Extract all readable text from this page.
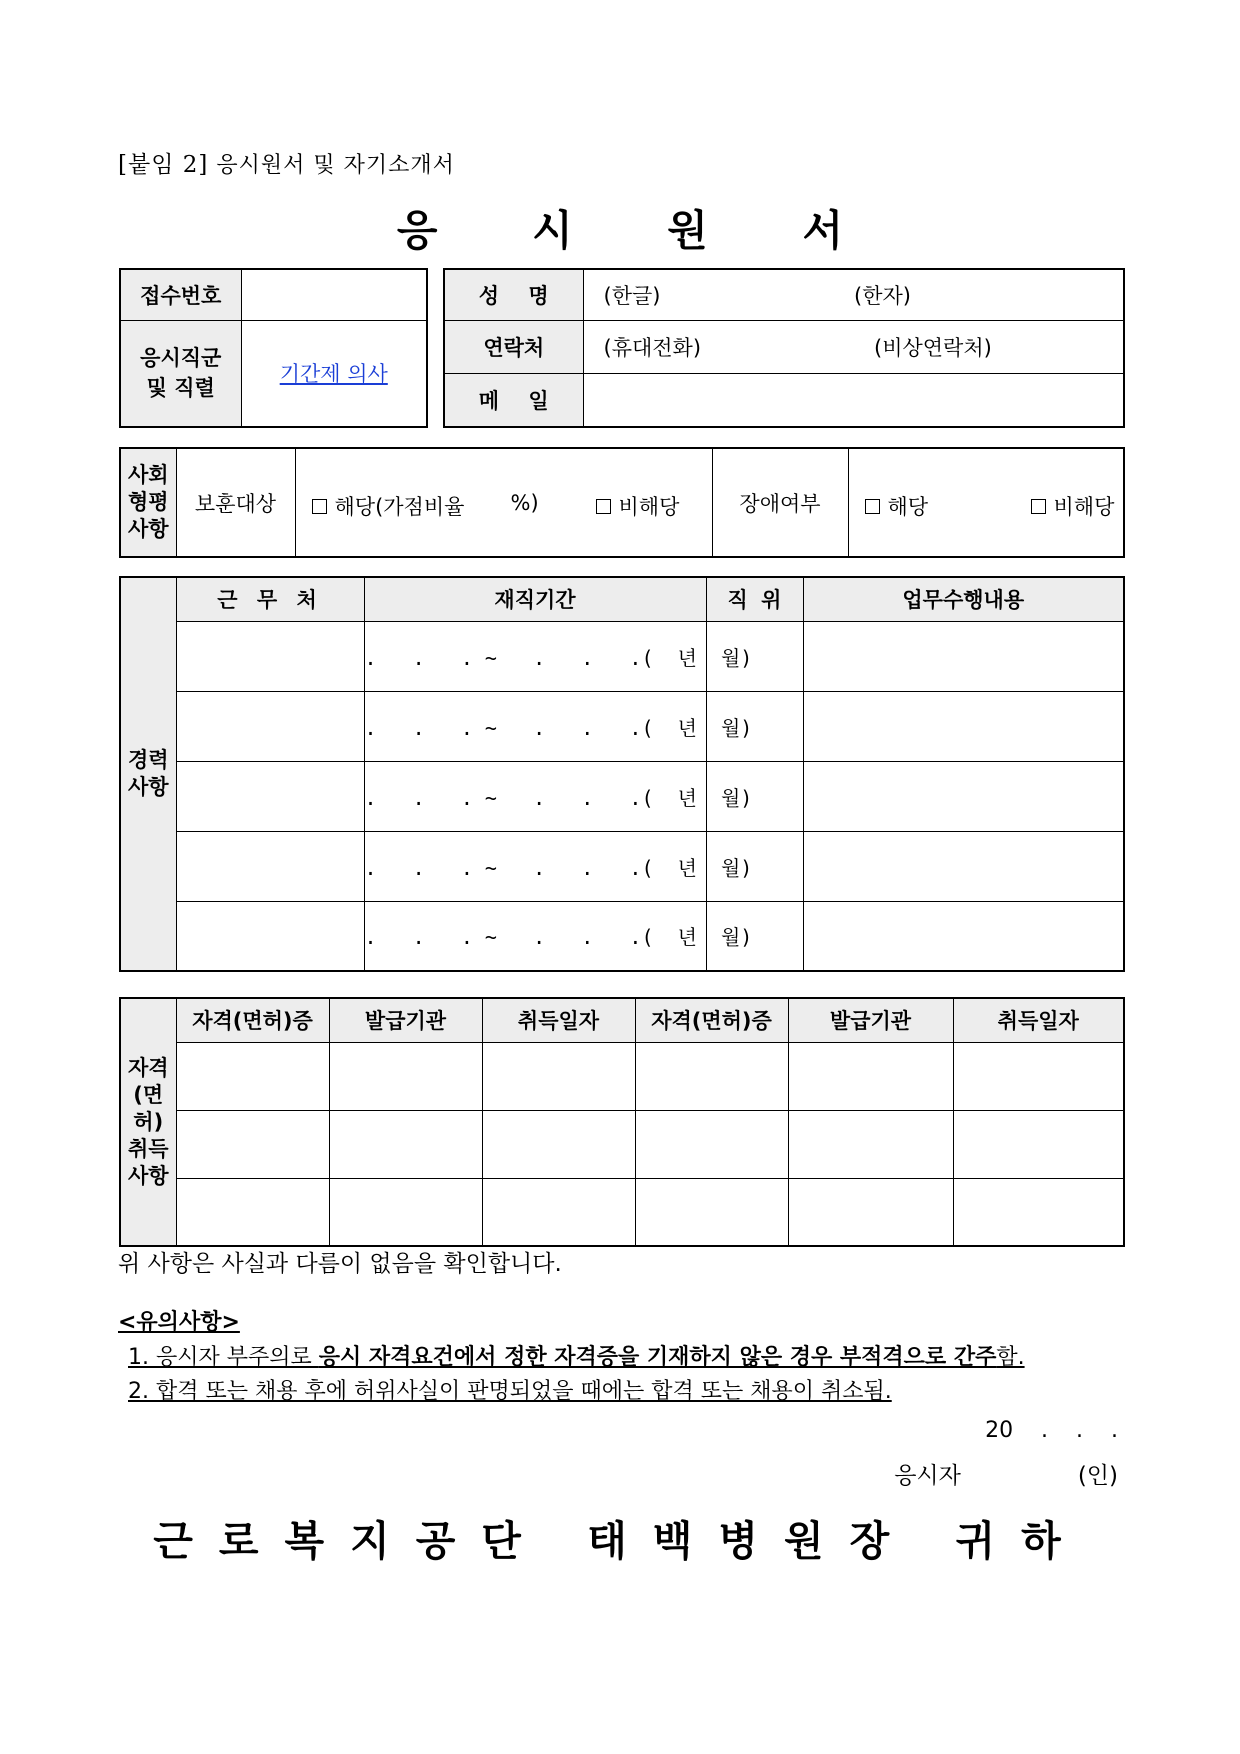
[붙임 2] 응시원서 및 자기소개서
응 시 원 서
접수번호	

응시직군
및 직렬	기간제 의사
성 명	(한글) (한자)

연락처	(휴대전화) (비상연락처)

메 일	
사회
형평
사항
	보훈대상	해당(가점비율 %)	비해당	장애여부	해당	비해당
경력
사항	근 무 처	재직기간	직 위	업무수행내용
		.   .   . ~   .   .   .(  년  월)		
		.   .   . ~   .   .   .(  년  월)		
		.   .   . ~   .   .   .(  년  월)		
		.   .   . ~   .   .   .(  년  월)		
		.   .   . ~   .   .   .(  년  월)		
자격
(면허)
취득
사항	자격(면허)증	발급기관	취득일자	자격(면허)증	발급기관	취득일자

위 사항은 사실과 다름이 없음을 확인합니다.
<유의사항>
1. 응시자 부주의로 응시 자격요건에서 정한 자격증을 기재하지 않은 경우 부적격으로 간주함.
2. 합격 또는 채용 후에 허위사실이 판명되었을 때에는 합격 또는 채용이 취소됨.
20    .    .    .
응시자	(인)
근로복지공단 태백병원장 귀하
